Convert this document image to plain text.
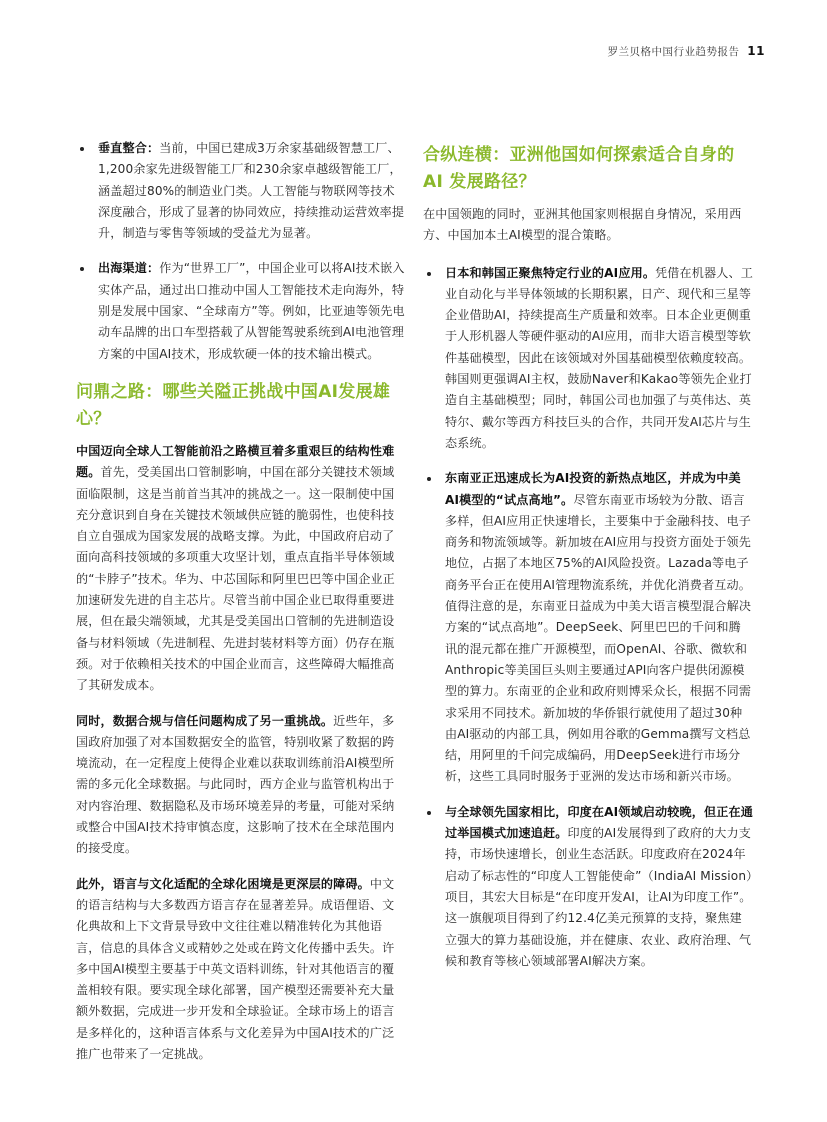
罗兰贝格中国行业趋势报告 11
垂直整合：当前，中国已建成3万余家基础级智慧工厂、1,200余家先进级智能工厂和230余家卓越级智能工厂，涵盖超过80%的制造业门类。人工智能与物联网等技术深度融合，形成了显著的协同效应，持续推动运营效率提升，制造与零售等领域的受益尤为显著。
出海渠道：作为“世界工厂”，中国企业可以将AI技术嵌入实体产品，通过出口推动中国人工智能技术走向海外，特别是发展中国家、“全球南方”等。例如，比亚迪等领先电动车品牌的出口车型搭载了从智能驾驶系统到AI电池管理方案的中国AI技术，形成软硬一体的技术输出模式。
问鼎之路：哪些关隘正挑战中国AI发展雄心？

中国迈向全球人工智能前沿之路横亘着多重艰巨的结构性难题。首先，受美国出口管制影响，中国在部分关键技术领域面临限制，这是当前首当其冲的挑战之一。这一限制使中国充分意识到自身在关键技术领域供应链的脆弱性，也使科技自立自强成为国家发展的战略支撑。为此，中国政府启动了面向高科技领域的多项重大攻坚计划，重点直指半导体领域的“卡脖子”技术。华为、中芯国际和阿里巴巴等中国企业正加速研发先进的自主芯片。尽管当前中国企业已取得重要进展，但在最尖端领域，尤其是受美国出口管制的先进制造设备与材料领域（先进制程、先进封装材料等方面）仍存在瓶颈。对于依赖相关技术的中国企业而言，这些障碍大幅推高了其研发成本。

同时，数据合规与信任问题构成了另一重挑战。近些年，多国政府加强了对本国数据安全的监管，特别收紧了数据的跨境流动，在一定程度上使得企业难以获取训练前沿AI模型所需的多元化全球数据。与此同时，西方企业与监管机构出于对内容治理、数据隐私及市场环境差异的考量，可能对采纳或整合中国AI技术持审慎态度，这影响了技术在全球范围内的接受度。

此外，语言与文化适配的全球化困境是更深层的障碍。中文的语言结构与大多数西方语言存在显著差异。成语俚语、文化典故和上下文背景导致中文往往难以精准转化为其他语言，信息的具体含义或精妙之处或在跨文化传播中丢失。许多中国AI模型主要基于中英文语料训练，针对其他语言的覆盖相较有限。要实现全球化部署，国产模型还需要补充大量额外数据，完成进一步开发和全球验证。全球市场上的语言是多样化的，这种语言体系与文化差异为中国AI技术的广泛推广也带来了一定挑战。

合纵连横：亚洲他国如何探索适合自身的 AI 发展路径？

在中国领跑的同时，亚洲其他国家则根据自身情况，采用西方、中国加本土AI模型的混合策略。

日本和韩国正聚焦特定行业的AI应用。凭借在机器人、工业自动化与半导体领域的长期积累，日产、现代和三星等企业借助AI，持续提高生产质量和效率。日本企业更侧重于人形机器人等硬件驱动的AI应用，而非大语言模型等软件基础模型，因此在该领域对外国基础模型依赖度较高。韩国则更强调AI主权，鼓励Naver和Kakao等领先企业打造自主基础模型；同时，韩国公司也加强了与英伟达、英特尔、戴尔等西方科技巨头的合作，共同开发AI芯片与生态系统。
东南亚正迅速成长为AI投资的新热点地区，并成为中美AI模型的“试点高地”。尽管东南亚市场较为分散、语言多样，但AI应用正快速增长，主要集中于金融科技、电子商务和物流领域等。新加坡在AI应用与投资方面处于领先地位，占据了本地区75%的AI风险投资。Lazada等电子商务平台正在使用AI管理物流系统，并优化消费者互动。值得注意的是，东南亚日益成为中美大语言模型混合解决方案的“试点高地”。DeepSeek、阿里巴巴的千问和腾讯的混元都在推广开源模型，而OpenAI、谷歌、微软和Anthropic等美国巨头则主要通过API向客户提供闭源模型的算力。东南亚的企业和政府则博采众长，根据不同需求采用不同技术。新加坡的华侨银行就使用了超过30种由AI驱动的内部工具，例如用谷歌的Gemma撰写文档总结，用阿里的千问完成编码，用DeepSeek进行市场分析，这些工具同时服务于亚洲的发达市场和新兴市场。
与全球领先国家相比，印度在AI领域启动较晚，但正在通过举国模式加速追赶。印度的AI发展得到了政府的大力支持，市场快速增长，创业生态活跃。印度政府在2024年启动了标志性的“印度人工智能使命”（IndiaAI Mission）项目，其宏大目标是“在印度开发AI，让AI为印度工作”。这一旗舰项目得到了约12.4亿美元预算的支持，聚焦建立强大的算力基础设施，并在健康、农业、政府治理、气候和教育等核心领域部署AI解决方案。
